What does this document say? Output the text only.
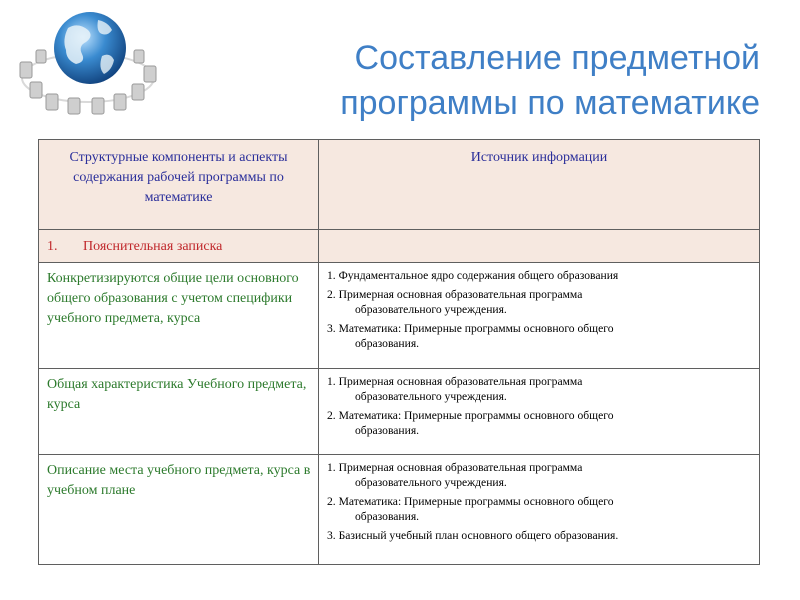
Составление предметной
программы по математике
Структурные компоненты и аспекты содержания рабочей программы по математике	Источник информации

1. Пояснительная записка	

Конкретизируются общие цели основного общего образования с учетом специфики учебного предмета, курса	1. Фундаментальное ядро содержания общего образования
2. Примерная основная образовательная программа
образовательного учреждения.
3. Математика: Примерные программы основного общего
образования.

Общая характеристика Учебного предмета, курса	1. Примерная основная образовательная программа
образовательного учреждения.
2. Математика: Примерные программы основного общего
образования.

Описание места учебного предмета, курса в учебном плане	1. Примерная основная образовательная программа
образовательного учреждения.
2. Математика: Примерные программы основного общего
образования.
3. Базисный учебный план основного общего образования.
